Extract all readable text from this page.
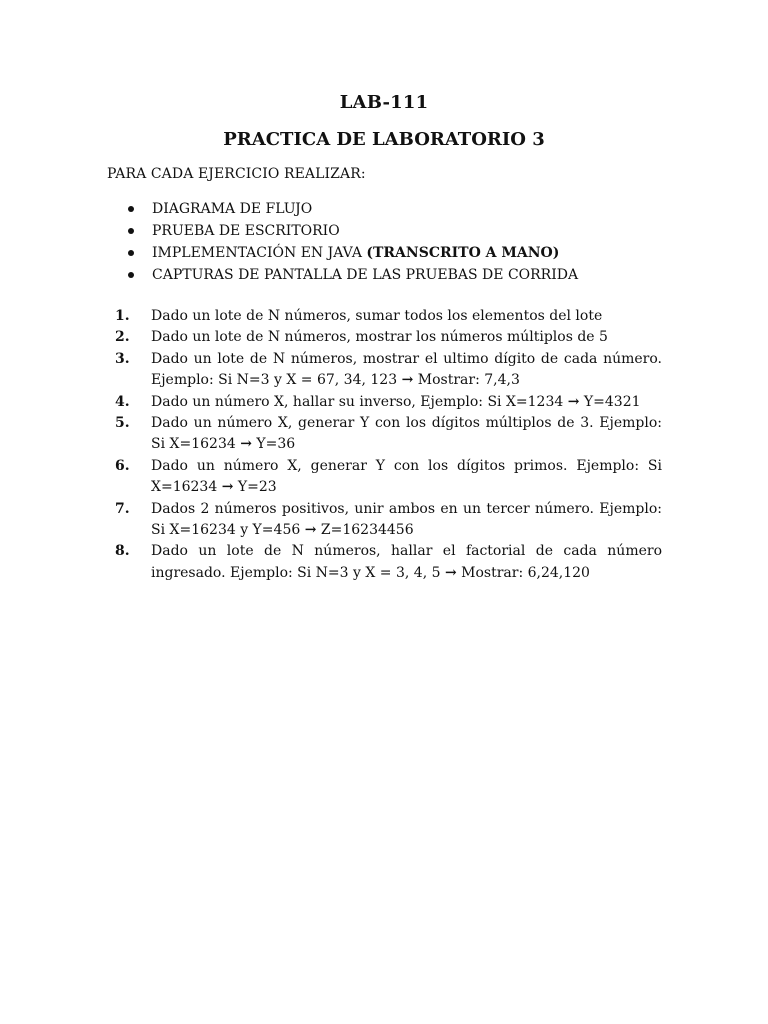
LAB-111
PRACTICA DE LABORATORIO 3
PARA CADA EJERCICIO REALIZAR:
DIAGRAMA DE FLUJO
PRUEBA DE ESCRITORIO
IMPLEMENTACIÓN EN JAVA (TRANSCRITO A MANO)
CAPTURAS DE PANTALLA DE LAS PRUEBAS DE CORRIDA
1. Dado un lote de N números, sumar todos los elementos del lote
2. Dado un lote de N números, mostrar los números múltiplos de 5
3. Dado un lote de N números, mostrar el ultimo dígito de cada número. Ejemplo: Si N=3 y X = 67, 34, 123 → Mostrar: 7,4,3
4. Dado un número X, hallar su inverso, Ejemplo: Si X=1234 → Y=4321
5. Dado un número X, generar Y con los dígitos múltiplos de 3. Ejemplo: Si X=16234 → Y=36
6. Dado un número X, generar Y con los dígitos primos. Ejemplo: Si X=16234 → Y=23
7. Dados 2 números positivos, unir ambos en un tercer número. Ejemplo: Si X=16234 y Y=456 → Z=16234456
8. Dado un lote de N números, hallar el factorial de cada número ingresado. Ejemplo: Si N=3 y X = 3, 4, 5 → Mostrar: 6,24,120
